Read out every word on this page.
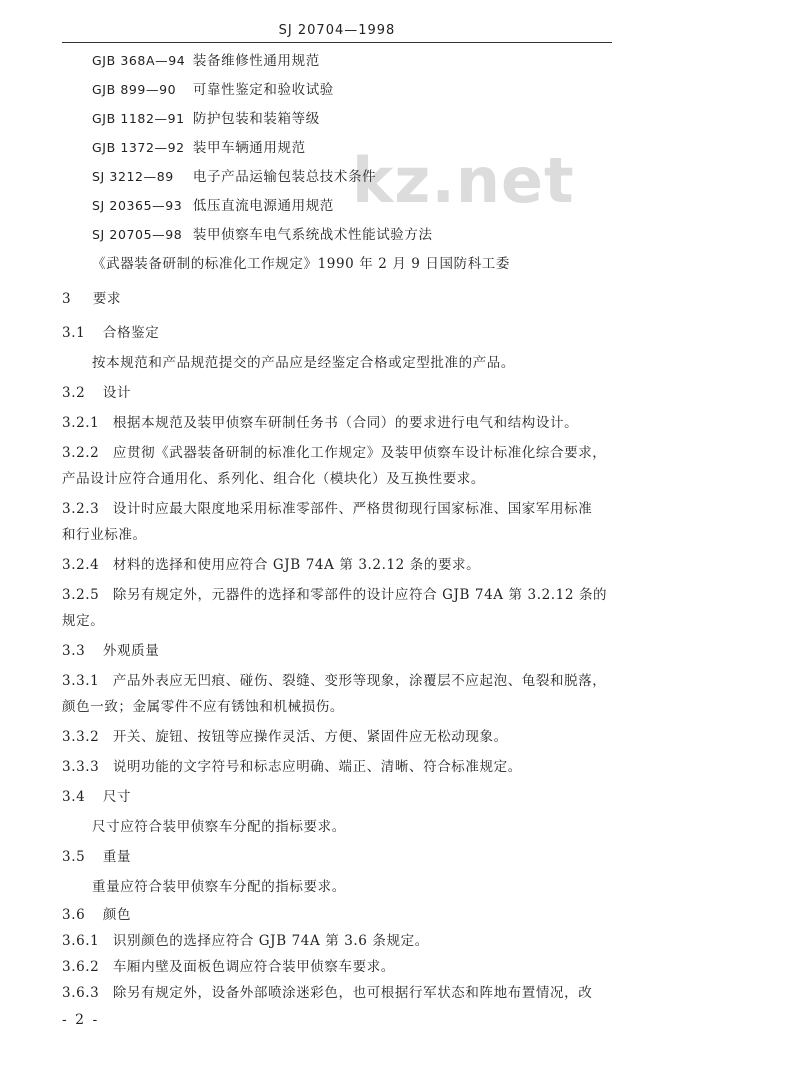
SJ 20704—1998
kz.net
GJB 368A—94 装备维修性通用规范
GJB 899—90 可靠性鉴定和验收试验
GJB 1182—91 防护包装和装箱等级
GJB 1372—92 装甲车辆通用规范
SJ 3212—89 电子产品运输包装总技术条件
SJ 20365—93 低压直流电源通用规范
SJ 20705—98 装甲侦察车电气系统战术性能试验方法
《武器装备研制的标准化工作规定》1990 年 2 月 9 日国防科工委
3 要求
3.1 合格鉴定
按本规范和产品规范提交的产品应是经鉴定合格或定型批准的产品。
3.2 设计
3.2.1 根据本规范及装甲侦察车研制任务书（合同）的要求进行电气和结构设计。
3.2.2 应贯彻《武器装备研制的标准化工作规定》及装甲侦察车设计标准化综合要求，
产品设计应符合通用化、系列化、组合化（模块化）及互换性要求。
3.2.3 设计时应最大限度地采用标准零部件、严格贯彻现行国家标准、国家军用标准
和行业标准。
3.2.4 材料的选择和使用应符合 GJB 74A 第 3.2.12 条的要求。
3.2.5 除另有规定外，元器件的选择和零部件的设计应符合 GJB 74A 第 3.2.12 条的
规定。
3.3 外观质量
3.3.1 产品外表应无凹痕、碰伤、裂缝、变形等现象，涂覆层不应起泡、龟裂和脱落，
颜色一致；金属零件不应有锈蚀和机械损伤。
3.3.2 开关、旋钮、按钮等应操作灵活、方便、紧固件应无松动现象。
3.3.3 说明功能的文字符号和标志应明确、端正、清晰、符合标准规定。
3.4 尺寸
尺寸应符合装甲侦察车分配的指标要求。
3.5 重量
重量应符合装甲侦察车分配的指标要求。
3.6 颜色
3.6.1 识别颜色的选择应符合 GJB 74A 第 3.6 条规定。
3.6.2 车厢内壁及面板色调应符合装甲侦察车要求。
3.6.3 除另有规定外，设备外部喷涂迷彩色，也可根据行军状态和阵地布置情况，改
- 2 -
